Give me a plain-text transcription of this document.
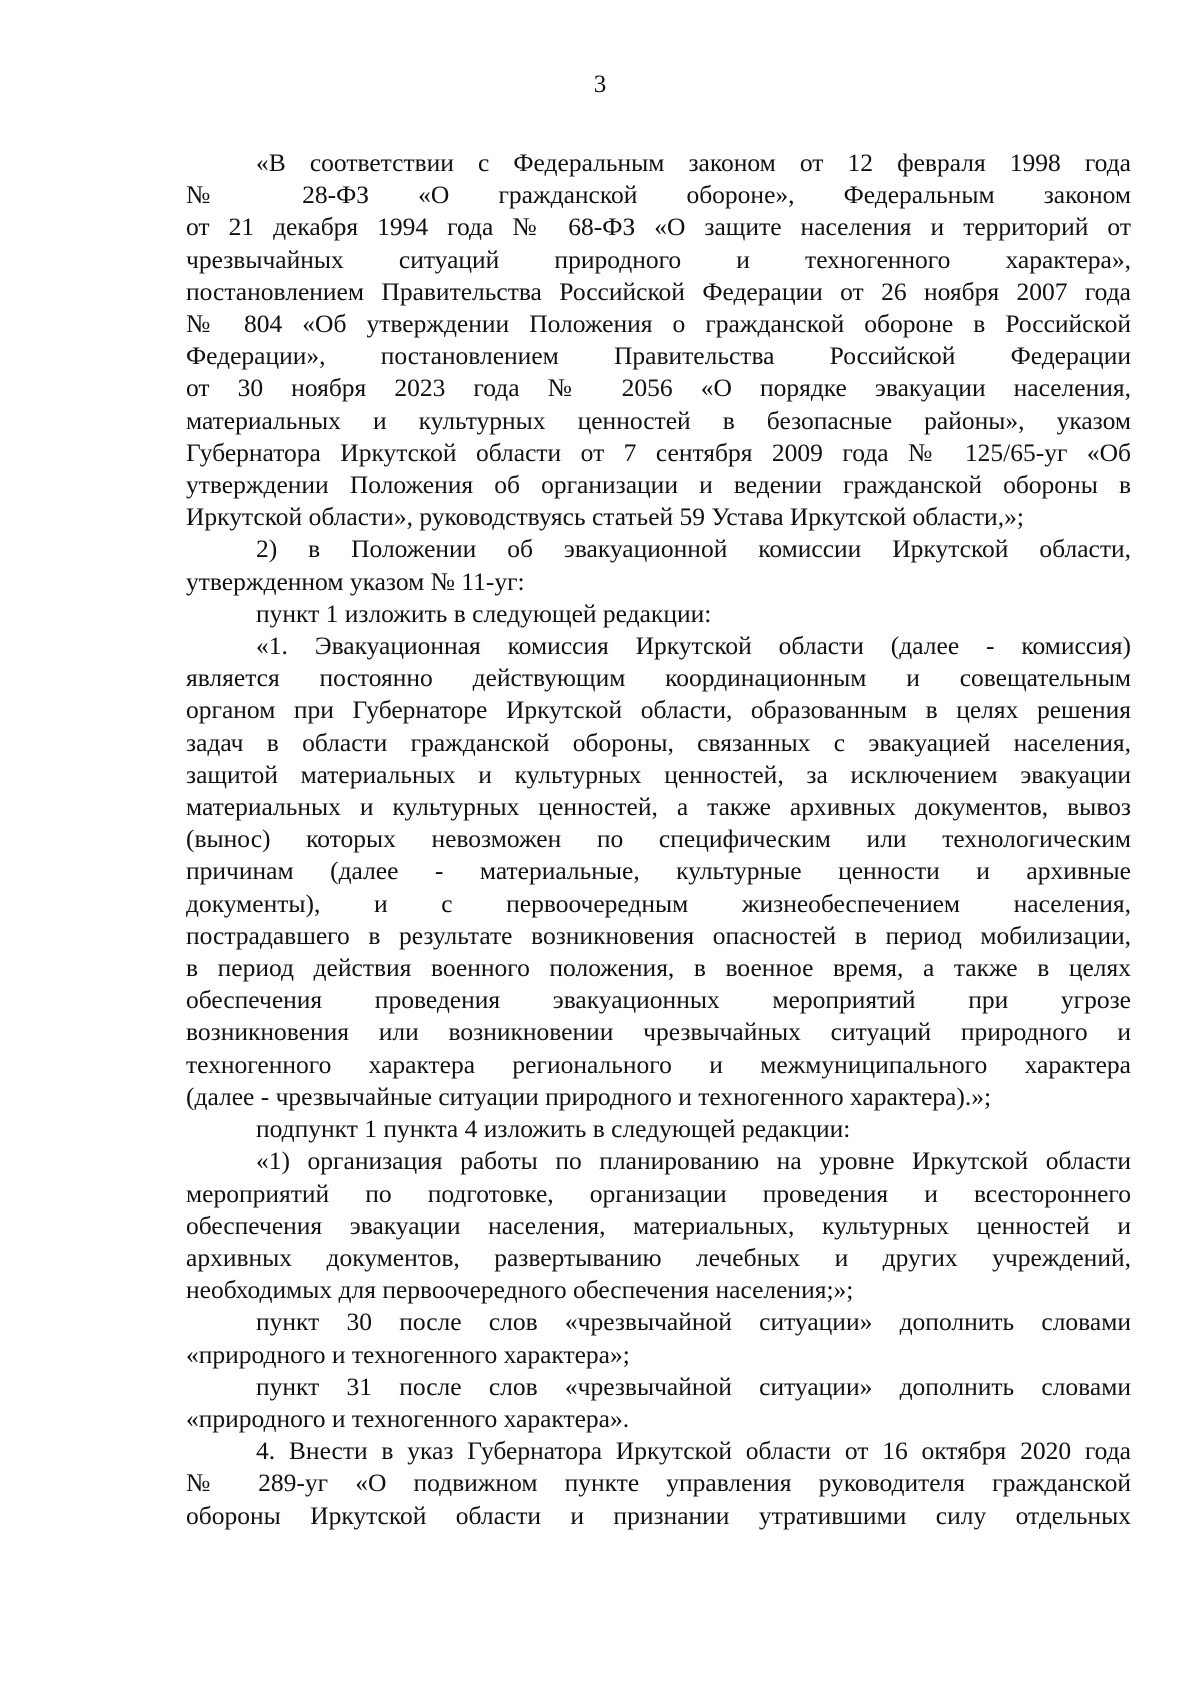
3

«В соответствии с Федеральным законом от 12 февраля 1998 года
№ 28-ФЗ «О гражданской обороне», Федеральным законом
от 21 декабря 1994 года № 68-ФЗ «О защите населения и территорий от
чрезвычайных ситуаций природного и техногенного характера»,
постановлением Правительства Российской Федерации от 26 ноября 2007 года
№ 804 «Об утверждении Положения о гражданской обороне в Российской
Федерации», постановлением Правительства Российской Федерации
от 30 ноября 2023 года № 2056 «О порядке эвакуации населения,
материальных и культурных ценностей в безопасные районы», указом
Губернатора Иркутской области от 7 сентября 2009 года № 125/65-уг «Об
утверждении Положения об организации и ведении гражданской обороны в
Иркутской области», руководствуясь статьей 59 Устава Иркутской области,»;

2) в Положении об эвакуационной комиссии Иркутской области,
утвержденном указом № 11-уг:

пункт 1 изложить в следующей редакции:

«1. Эвакуационная комиссия Иркутской области (далее - комиссия)
является постоянно действующим координационным и совещательным
органом при Губернаторе Иркутской области, образованным в целях решения
задач в области гражданской обороны, связанных с эвакуацией населения,
защитой материальных и культурных ценностей, за исключением эвакуации
материальных и культурных ценностей, а также архивных документов, вывоз
(вынос) которых невозможен по специфическим или технологическим
причинам (далее - материальные, культурные ценности и архивные
документы), и с первоочередным жизнеобеспечением населения,
пострадавшего в результате возникновения опасностей в период мобилизации,
в период действия военного положения, в военное время, а также в целях
обеспечения проведения эвакуационных мероприятий при угрозе
возникновения или возникновении чрезвычайных ситуаций природного и
техногенного характера регионального и межмуниципального характера
(далее - чрезвычайные ситуации природного и техногенного характера).»;

подпункт 1 пункта 4 изложить в следующей редакции:

«1) организация работы по планированию на уровне Иркутской области
мероприятий по подготовке, организации проведения и всестороннего
обеспечения эвакуации населения, материальных, культурных ценностей и
архивных документов, развертыванию лечебных и других учреждений,
необходимых для первоочередного обеспечения населения;»;

пункт 30 после слов «чрезвычайной ситуации» дополнить словами
«природного и техногенного характера»;

пункт 31 после слов «чрезвычайной ситуации» дополнить словами
«природного и техногенного характера».

4. Внести в указ Губернатора Иркутской области от 16 октября 2020 года
№ 289-уг «О подвижном пункте управления руководителя гражданской
обороны Иркутской области и признании утратившими силу отдельных
